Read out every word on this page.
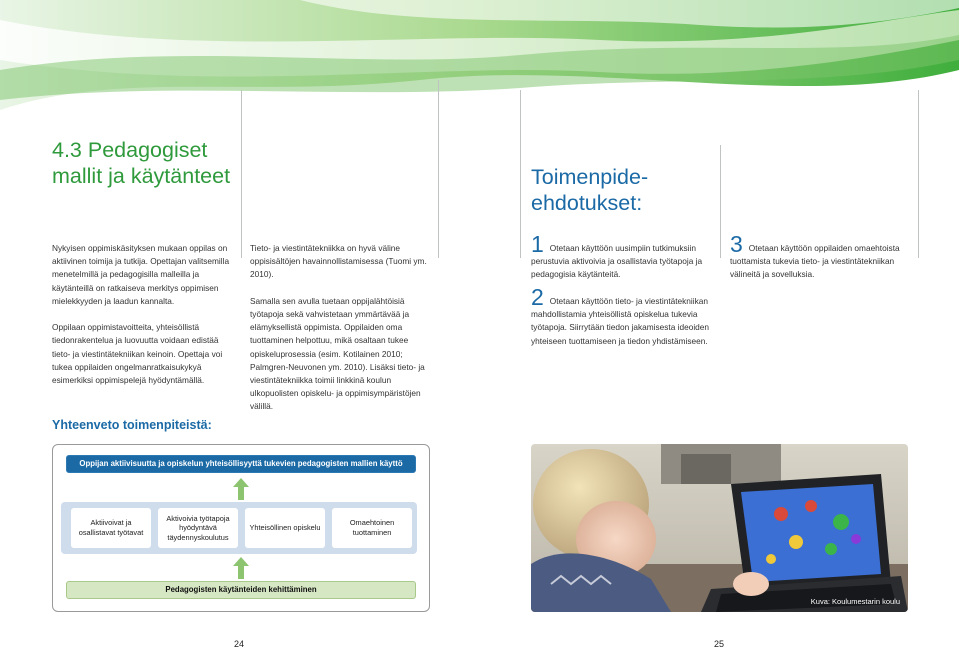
4.3 Pedagogiset mallit ja käytänteet	Toimenpide-ehdotukset:

Nykyisen oppimiskäsityksen mukaan oppilas on aktiivinen toimija ja tutkija. Opettajan valitsemilla menetelmillä ja pedagogisilla malleilla ja käytänteillä on ratkaiseva merkitys oppimisen mielekkyyden ja laadun kannalta.

Oppilaan oppimistavoitteita, yhteisöllistä tiedonrakentelua ja luovuutta voidaan edistää tieto- ja viestintätekniikan keinoin. Opettaja voi tukea oppilaiden ongelmanratkaisukykyä esimerkiksi oppimispelejä hyödyntämällä.

Tieto- ja viestintätekniikka on hyvä väline oppisisältöjen havainnollistamisessa (Tuomi ym. 2010).

Samalla sen avulla tuetaan oppijalähtöisiä työtapoja sekä vahvistetaan ymmärtävää ja elämyksellistä oppimista. Oppilaiden oma tuottaminen helpottuu, mikä osaltaan tukee opiskeluprosessia (esim. Kotilainen 2010; Palmgren-Neuvonen ym. 2010). Lisäksi tieto- ja viestintätekniikka toimii linkkinä koulun ulkopuolisten opiskelu- ja oppimisympäristöjen välillä.

1 Otetaan käyttöön uusimpiin tutkimuksiin perustuvia aktivoivia ja osallistavia työtapoja ja pedagogisia käytänteitä.
2 Otetaan käyttöön tieto- ja viestintätekniikan mahdollistamia yhteisöllistä opiskelua tukevia työtapoja. Siirrytään tiedon jakamisesta ideoiden yhteiseen tuottamiseen ja tiedon yhdistämiseen.
3 Otetaan käyttöön oppilaiden omaehtoista tuottamista tukevia tieto- ja viestintätekniikan välineitä ja sovelluksia.
Yhteenveto toimenpiteistä:
Oppijan aktiivisuutta ja opiskelun yhteisöllisyyttä tukevien pedagogisten mallien käyttö
Aktiivoivat ja osallistavat työtavat
Aktivoivia työtapoja hyödyntävä täydennyskoulutus
Yhteisöllinen opiskelu
Omaehtoinen tuottaminen
Pedagogisten käytänteiden kehittäminen
Kuva: Koulumestarin koulu
24	25
